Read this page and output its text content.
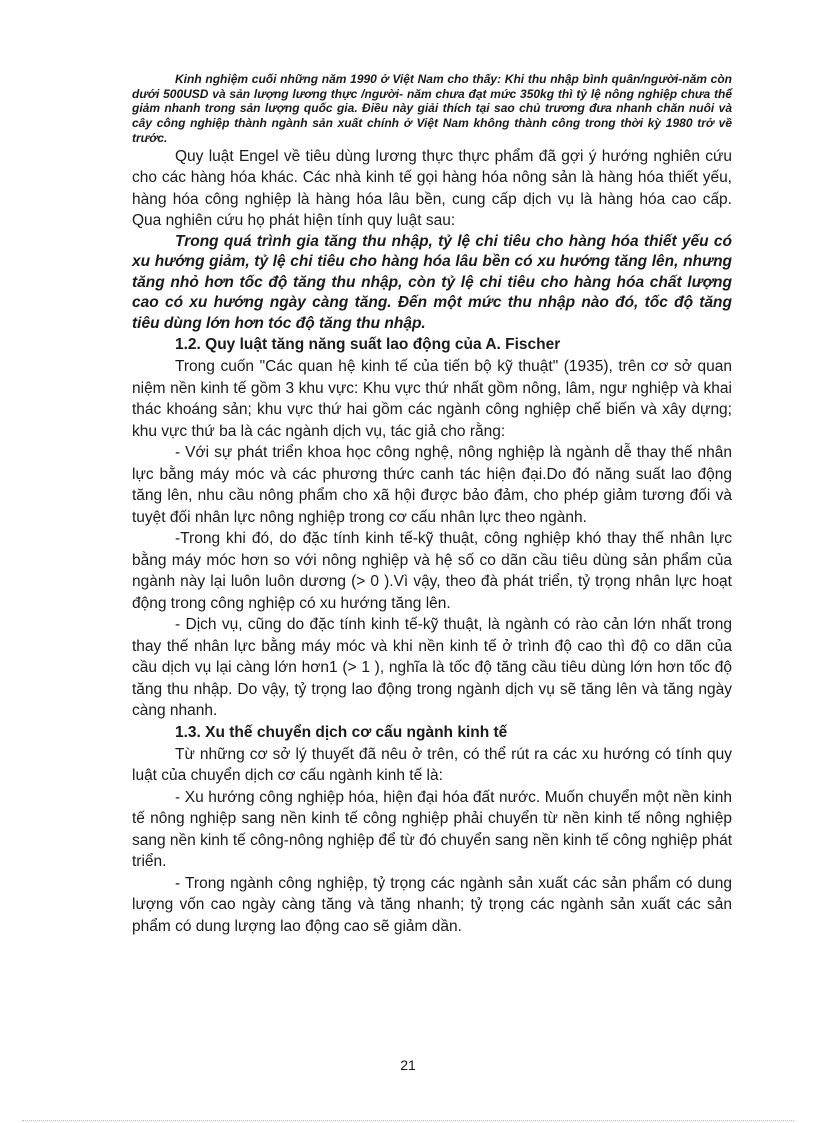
Kinh nghiệm cuối những năm 1990 ở Việt Nam cho thấy: Khi thu nhập bình quân/người-năm còn dưới 500USD và sản lượng lương thực /người- năm chưa đạt mức 350kg thì tỷ lệ nông nghiệp chưa thể giảm nhanh trong sản lượng quốc gia. Điều này giải thích tại sao chủ trương đưa nhanh chăn nuôi và cây công nghiệp thành ngành sản xuất chính ở Việt Nam không thành công trong thời kỳ 1980 trở về trước.

Quy luật Engel về tiêu dùng lương thực thực phẩm đã gợi ý hướng nghiên cứu cho các hàng hóa khác. Các nhà kinh tế gọi hàng hóa nông sản là hàng hóa thiết yếu, hàng hóa công nghiệp là hàng hóa lâu bền, cung cấp dịch vụ là hàng hóa cao cấp. Qua nghiên cứu họ phát hiện tính quy luật sau:

Trong quá trình gia tăng thu nhập, tỷ lệ chi tiêu cho hàng hóa thiết yếu có xu hướng giảm, tỷ lệ chi tiêu cho hàng hóa lâu bền có xu hướng tăng lên, nhưng tăng nhỏ hơn tốc độ tăng thu nhập, còn tỷ lệ chi tiêu cho hàng hóa chất lượng cao có xu hướng ngày càng tăng. Đến một mức thu nhập nào đó, tốc độ tăng tiêu dùng lớn hơn tóc độ tăng thu nhập.

1.2. Quy luật tăng năng suất lao động của A. Fischer

Trong cuốn "Các quan hệ kinh tế của tiến bộ kỹ thuật" (1935), trên cơ sở quan niệm nền kinh tế gồm 3 khu vực: Khu vực thứ nhất gồm nông, lâm, ngư nghiệp và khai thác khoáng sản; khu vực thứ hai gồm các ngành công nghiệp chế biến và xây dựng; khu vực thứ ba là các ngành dịch vụ, tác giả cho rằng:

- Với sự phát triển khoa học công nghệ, nông nghiệp là ngành dễ thay thế nhân lực bằng máy móc và các phương thức canh tác hiện đại.Do đó năng suất lao động tăng lên, nhu cầu nông phẩm cho xã hội được bảo đảm, cho phép giảm tương đối và tuyệt đối nhân lực nông nghiệp trong cơ cấu nhân lực theo ngành.

-Trong khi đó, do đặc tính kinh tế-kỹ thuật, công nghiệp khó thay thế nhân lực bằng máy móc hơn so với nông nghiệp và hệ số co dãn cầu tiêu dùng sản phẩm của ngành này lại luôn luôn dương (> 0 ).Vì vậy, theo đà phát triển, tỷ trọng nhân lực hoạt động trong công nghiệp có xu hướng tăng lên.

- Dịch vụ, cũng do đặc tính kinh tế-kỹ thuật, là ngành có rào cản lớn nhất trong thay thế nhân lực bằng máy móc và khi nền kinh tế ở trình độ cao thì độ co dãn của cầu dịch vụ lại càng lớn hơn1 (> 1 ), nghĩa là tốc độ tăng cầu tiêu dùng lớn hơn tốc độ tăng thu nhập. Do vậy, tỷ trọng lao động trong ngành dịch vụ sẽ tăng lên và tăng ngày càng nhanh.

1.3. Xu thế chuyển dịch cơ cấu ngành kinh tế

Từ những cơ sở lý thuyết đã nêu ở trên, có thể rút ra các xu hướng có tính quy luật của chuyển dịch cơ cấu ngành kinh tế là:

- Xu hướng công nghiệp hóa, hiện đại hóa đất nước. Muốn chuyển một nền kinh tế nông nghiệp sang nền kinh tế công nghiệp phải chuyển từ nền kinh tế nông nghiệp sang nền kinh tế công-nông nghiệp để từ đó chuyển sang nền kinh tế công nghiệp phát triển.

- Trong ngành công nghiệp, tỷ trọng các ngành sản xuất các sản phẩm có dung lượng vốn cao ngày càng tăng và tăng nhanh; tỷ trọng các ngành sản xuất các sản phẩm có dung lượng lao động cao sẽ giảm dần.

21
